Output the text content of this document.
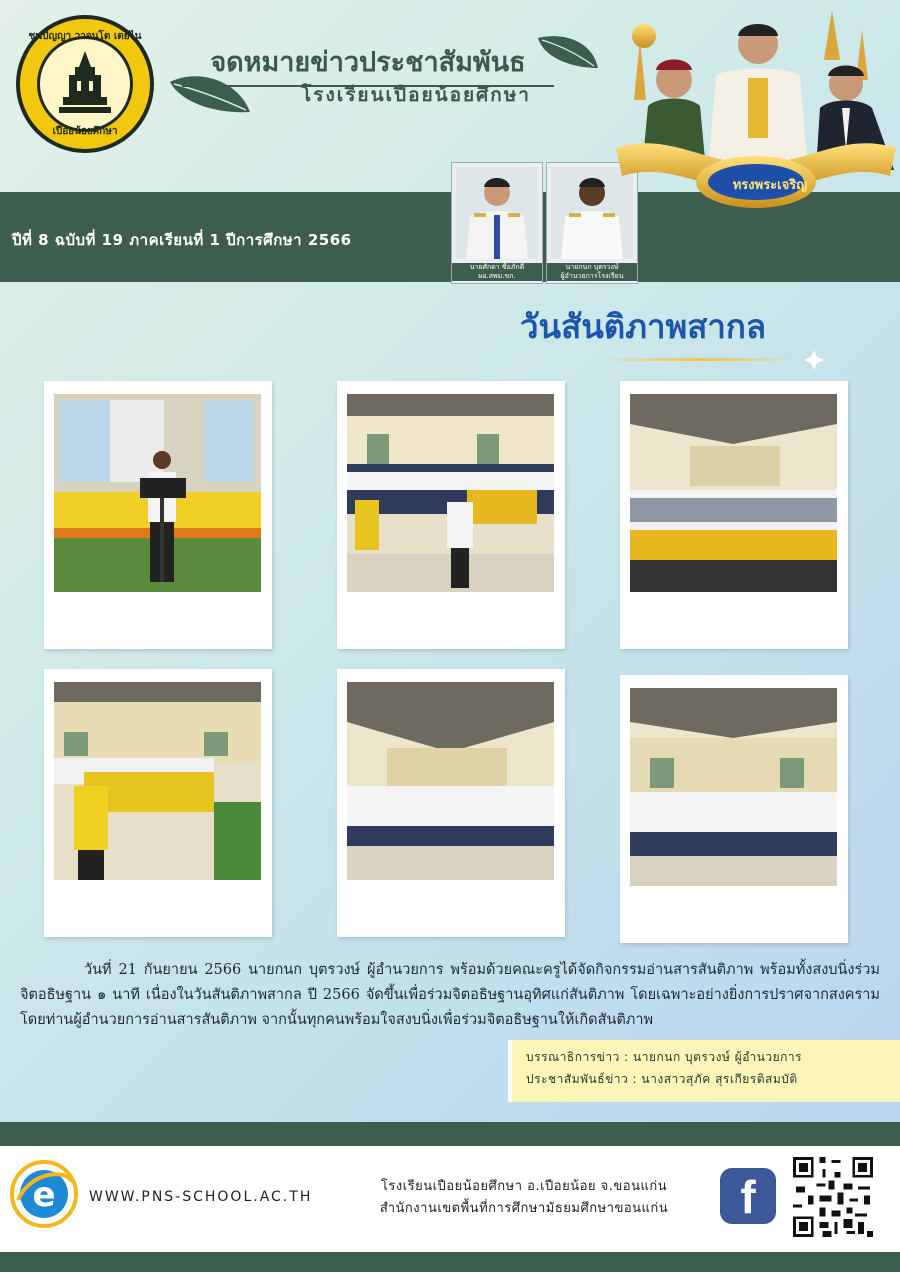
ชนปัญญา วาจนโต เตยไน
เปือยน้อยศึกษา
จดหมายข่าวประชาสัมพันธ
โรงเรียนเปือยน้อยศึกษา
ปีที่ 8 ฉบับที่ 19 ภาคเรียนที่ 1 ปีการศึกษา 2566
นายศักดา ซื่อภักดี
ผอ.สพม.ขก.
นายกนก บุตรวงษ์
ผู้อำนวยการโรงเรียน
ทรงพระเจริญ
วันสันติภาพสากล
วันที่ 21 กันยายน 2566 นายกนก บุตรวงษ์ ผู้อำนวยการ พร้อมด้วยคณะครูได้จัดกิจกรรมอ่านสารสันติภาพ พร้อมทั้งสงบนิ่งร่วมจิตอธิษฐาน ๑ นาที เนื่องในวันสันติภาพสากล ปี 2566 จัดขึ้นเพื่อร่วมจิตอธิษฐานอุทิศแก่สันติภาพ โดยเฉพาะอย่างยิ่งการปราศจากสงคราม โดยท่านผู้อำนวยการอ่านสารสันติภาพ จากนั้นทุกคนพร้อมใจสงบนิ่งเพื่อร่วมจิตอธิษฐานให้เกิดสันติภาพ
บรรณาธิการข่าว : นายกนก บุตรวงษ์ ผู้อำนวยการ
ประชาสัมพันธ์ข่าว : นางสาวสุภัค สุรเกียรติสมบัติ
e WWW.PNS-SCHOOL.AC.TH
โรงเรียนเปือยน้อยศึกษา อ.เปือยน้อย จ.ขอนแก่น
สำนักงานเขตพื้นที่การศึกษามัธยมศึกษาขอนแก่น	f
